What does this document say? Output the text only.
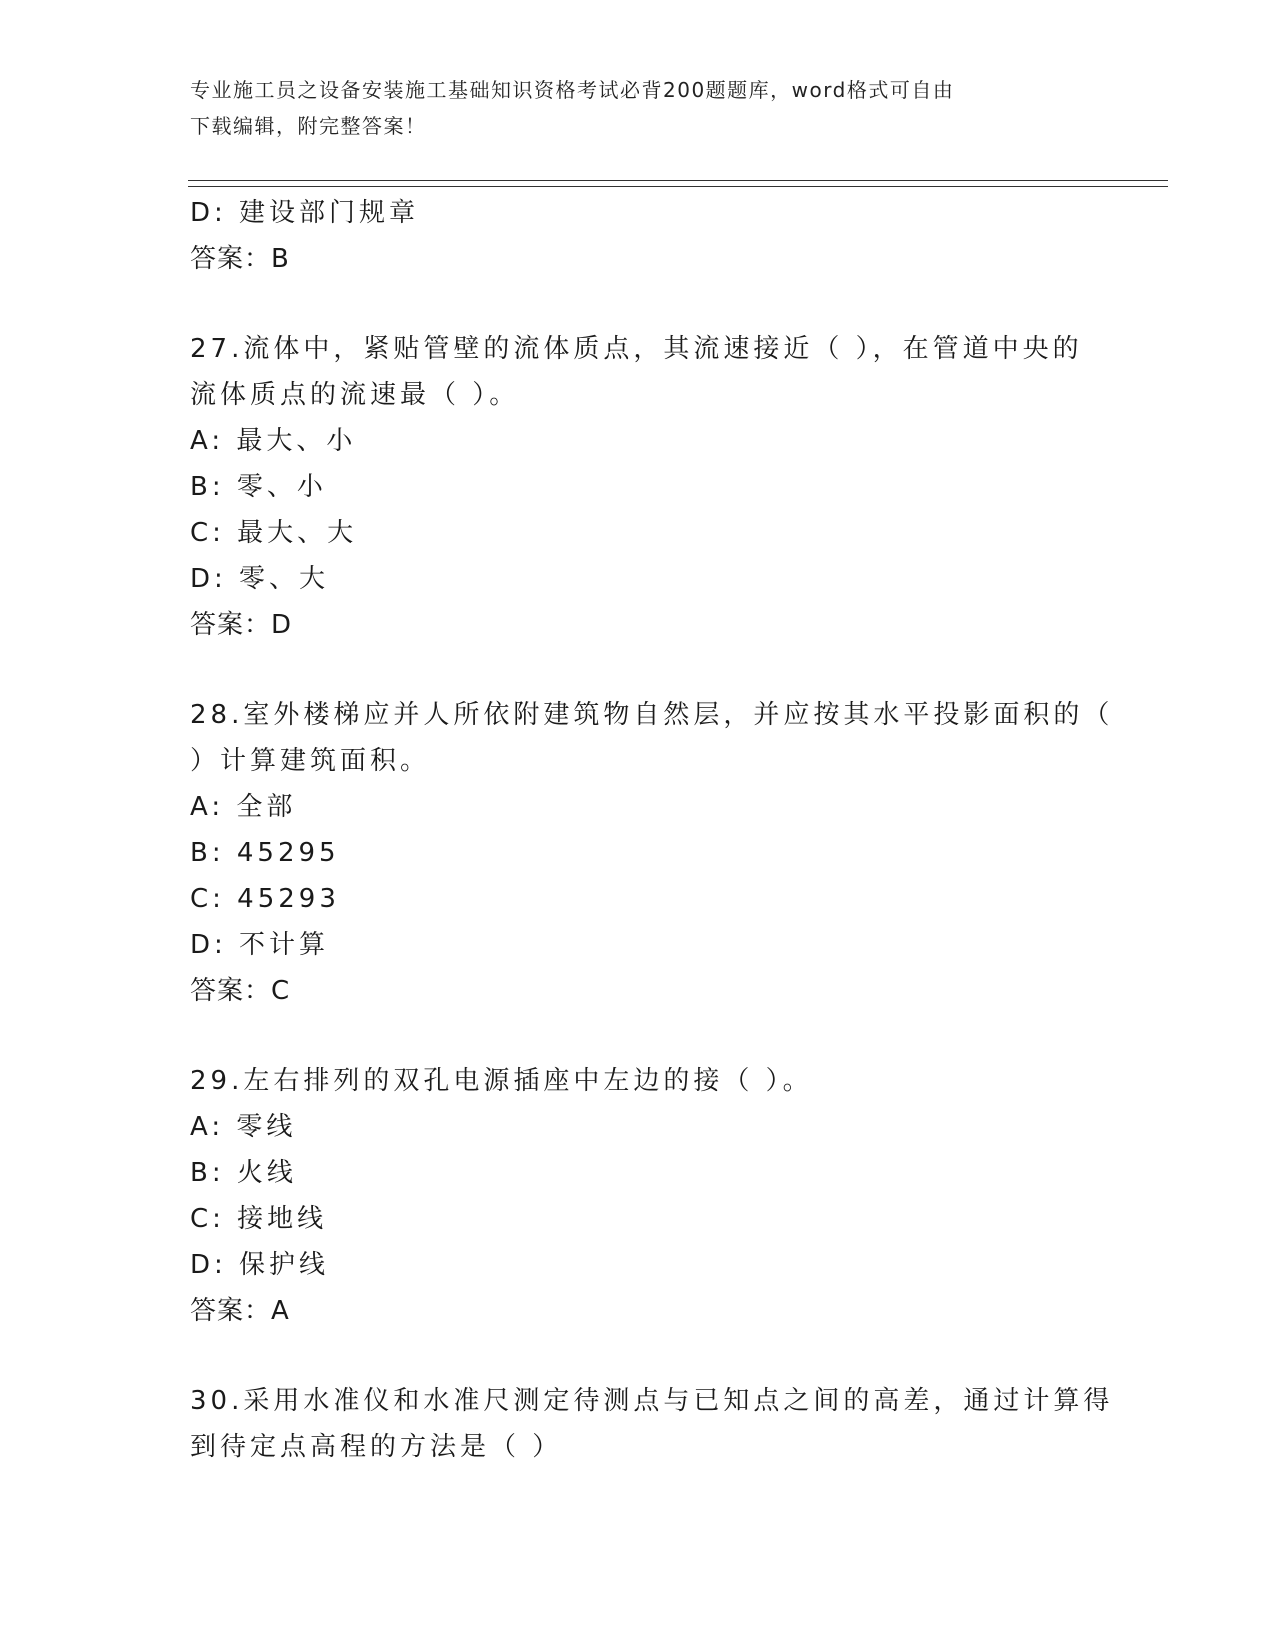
专业施工员之设备安装施工基础知识资格考试必背200题题库，word格式可自由
下载编辑，附完整答案！
D: 建设部门规章
答案：B
27.流体中，紧贴管壁的流体质点，其流速接近（ ），在管道中央的
流体质点的流速最（ ）。
A: 最大、小
B: 零、小
C: 最大、大
D: 零、大
答案：D
28.室外楼梯应并人所依附建筑物自然层，并应按其水平投影面积的（
）计算建筑面积。
A: 全部
B: 45295
C: 45293
D: 不计算
答案：C
29.左右排列的双孔电源插座中左边的接（ ）。
A: 零线
B: 火线
C: 接地线
D: 保护线
答案：A
30.采用水准仪和水准尺测定待测点与已知点之间的高差，通过计算得
到待定点高程的方法是（ ）
